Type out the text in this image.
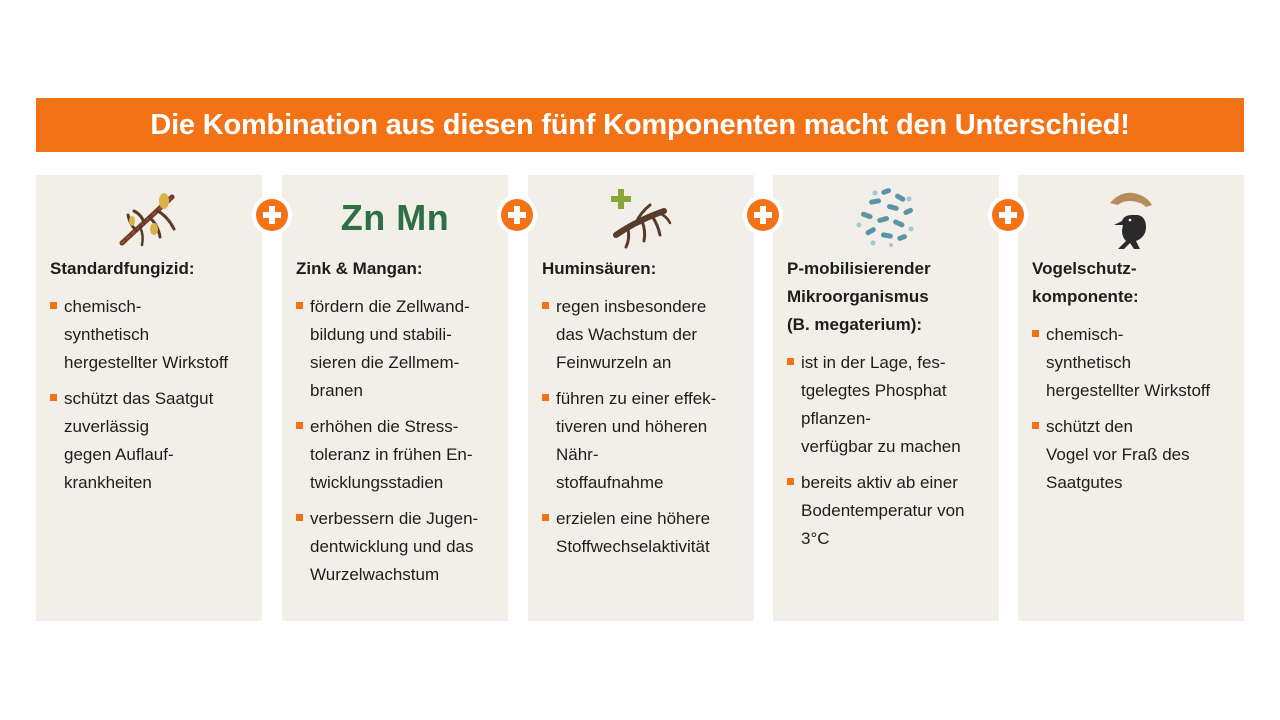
Die Kombination aus diesen fünf Komponenten macht den Unterschied!
Standardfungizid:
chemisch-
synthetisch
hergestellter Wirkstoff
schützt das Saatgut
zuverlässig
gegen Auflauf-
krankheiten
Zn Mn
Zink & Mangan:
fördern die Zellwand-
bildung und stabili-
sieren die Zellmem-
branen
erhöhen die Stress-
toleranz in frühen En-
twicklungsstadien
verbessern die Jugen-
dentwicklung und das
Wurzelwachstum
Huminsäuren:
regen insbesondere
das Wachstum der
Feinwurzeln an
führen zu einer effek-
tiveren und höheren
Nähr-
stoffaufnahme
erzielen eine höhere
Stoffwechselaktivität
P-mobilisierender
Mikroorganismus
(B. megaterium):
ist in der Lage, fes-
tgelegtes Phosphat
pflanzen-
verfügbar zu machen
bereits aktiv ab einer
Bodentemperatur von
3°C
Vogelschutz-
komponente:
chemisch-
synthetisch
hergestellter Wirkstoff
schützt den
Vogel vor Fraß des
Saatgutes
